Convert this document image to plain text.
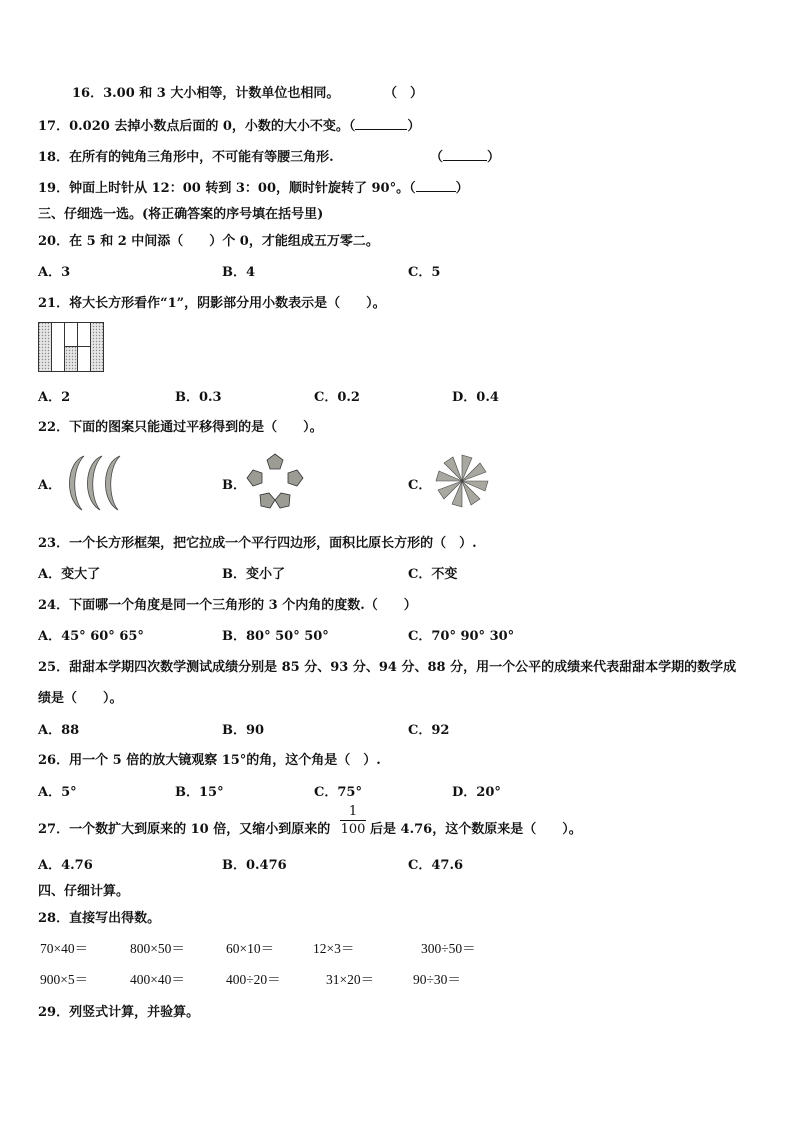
16．3.00 和 3 大小相等，计数单位也相同。	（　）
17．0.020 去掉小数点后面的 0，小数的大小不变。（	）
18．在所有的钝角三角形中，不可能有等腰三角形.	（	）
19．钟面上时针从 12：00 转到 3：00，顺时针旋转了 90°。（	）
三、仔细选一选。(将正确答案的序号填在括号里)
20．在 5 和 2 中间添（　　）个 0，才能组成五万零二。
A．3	B．4	C．5
21．将大长方形看作“1”，阴影部分用小数表示是（　　）。
A．2	B．0.3	C．0.2	D．0.4
22．下面的图案只能通过平移得到的是（　　）。
A．	B．	C．
23．一个长方形框架，把它拉成一个平行四边形，面积比原长方形的（　）.
A．变大了	B．变小了	C．不变
24．下面哪一个角度是同一个三角形的 3 个内角的度数.（　　）
A．45° 60° 65°	B．80° 50° 50°	C．70° 90° 30°
25．甜甜本学期四次数学测试成绩分别是 85 分、93 分、94 分、88 分，用一个公平的成绩来代表甜甜本学期的数学成
绩是（　　）。
A．88	B．90	C．92
26．用一个 5 倍的放大镜观察 15°的角，这个角是（　）.
A．5°	B．15°	C．75°	D．20°
27．一个数扩大到原来的 10 倍，又缩小到原来的
1
100 后是 4.76，这个数原来是（　　）。
A．4.76	B．0.476	C．47.6
四、仔细计算。
28．直接写出得数。
70×40＝	800×50＝	60×10＝	12×3＝	300÷50＝
900×5＝	400×40＝	400÷20＝	31×20＝	90÷30＝
29．列竖式计算，并验算。
